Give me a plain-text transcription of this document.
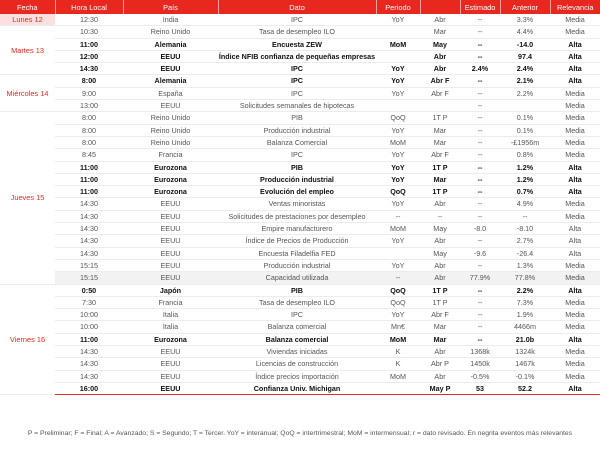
Fecha	Hora Local	País	Dato	Periodo		Estimado	Anterior	Relevancia
Lunes 12	12:30	India	IPC	YoY	Abr	--	3.3%	Media
Martes 13	10:30	Reino Unido	Tasa de desempleo ILO		Mar	--	4.4%	Media
	11:00	Alemania	Encuesta ZEW	MoM	May	--	-14.0	Alta
	12:00	EEUU	Índice NFIB confianza de pequeñas empresas		Abr	--	97.4	Alta
	14:30	EEUU	IPC	YoY	Abr	2.4%	2.4%	Alta
Miércoles 14	8:00	Alemania	IPC	YoY	Abr F	--	2.1%	Alta
	9:00	España	IPC	YoY	Abr F	--	2.2%	Media
	13:00	EEUU	Solicitudes semanales de hipotecas			--		Media
Jueves 15	8:00	Reino Unido	PIB	QoQ	1T P	--	0.1%	Media
	8:00	Reino Unido	Producción industrial	YoY	Mar	--	0.1%	Media
	8:00	Reino Unido	Balanza Comercial	MoM	Mar	--	-£1956m	Media
	8:45	Francia	IPC	YoY	Abr F	--	0.8%	Media
	11:00	Eurozona	PIB	YoY	1T P	--	1.2%	Alta
	11:00	Eurozona	Producción industrial	YoY	Mar	--	1.2%	Alta
	11:00	Eurozona	Evolución del empleo	QoQ	1T P	--	0.7%	Alta
	14:30	EEUU	Ventas minoristas	YoY	Abr	--	4.9%	Media
	14:30	EEUU	Solicitudes de prestaciones por desempleo	--	--	--	--	Media
	14:30	EEUU	Empire manufacturero	MoM	May	-8.0	-8.10	Alta
	14:30	EEUU	Índice de Precios de Producción	YoY	Abr	--	2.7%	Alta
	14:30	EEUU	Encuesta Filadelfia FED		May	-9.6	-26.4	Alta
	15:15	EEUU	Producción industrial	YoY	Abr	--	1.3%	Media
	15:15	EEUU	Capacidad utilizada	--	Abr	77.9%	77.8%	Media
Viernes 16	0:50	Japón	PIB	QoQ	1T P	--	2.2%	Alta
	7:30	Francia	Tasa de desempleo ILO	QoQ	1T P	--	7.3%	Media
	10:00	Italia	IPC	YoY	Abr F	--	1.9%	Media
	10:00	Italia	Balanza comercial	Mn€	Mar	--	4466m	Media
	11:00	Eurozona	Balanza comercial	MoM	Mar	--	21.0b	Alta
	14:30	EEUU	Viviendas iniciadas	K	Abr	1368k	1324k	Media
	14:30	EEUU	Licencias de construcción	K	Abr P	1450k	1467k	Media
	14:30	EEUU	Índice precios importación	MoM	Abr	-0.5%	-0.1%	Media
	16:00	EEUU	Confianza Univ. Michigan		May P	53	52.2	Alta
P = Preliminar; F = Final; A = Avanzado; S = Segundo; T = Tercer. YoY = interanual; QoQ = intertrimestral; MoM = intermensual; r = dato revisado. En negrita eventos más relevantes
